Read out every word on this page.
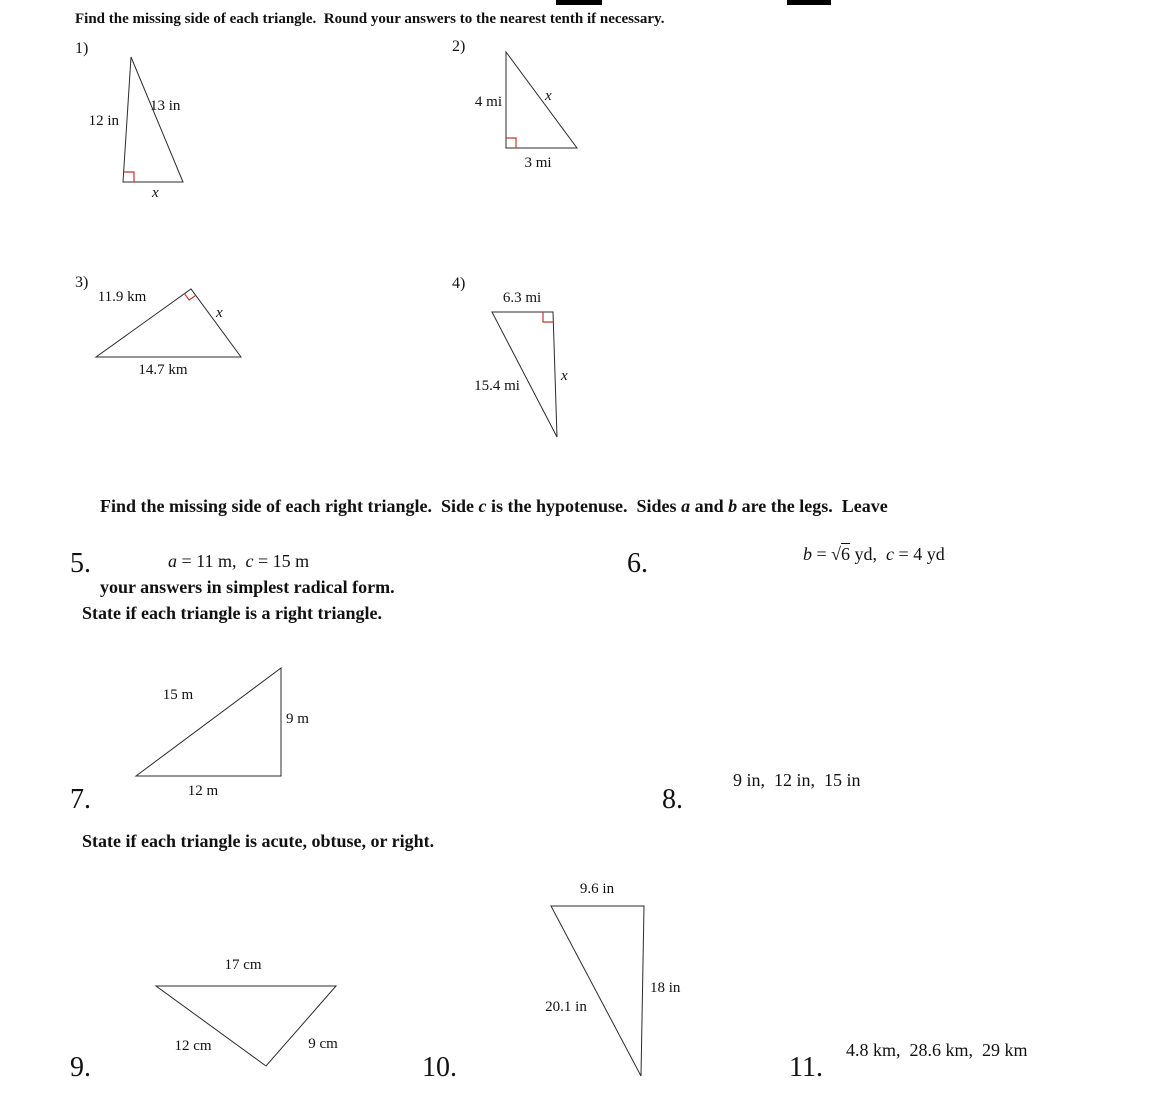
Find the missing side of each triangle.  Round your answers to the nearest tenth if necessary.
1)
12 in
13 in
x
2)
4 mi	x
3 mi
3)
11.9 km
x
14.7 km
4)
6.3 mi
x
15.4 mi

Find the missing side of each right triangle.  Side c is the hypotenuse.  Sides a and b are the legs.  Leave

your answers in simplest radical form.

5.	a = 11 m,  c = 15 m	6.	b = √6 yd,  c = 4 yd
State if each triangle is a right triangle.
15 m
9 m
12 m
7.	8.
9 in,  12 in,  15 in
State if each triangle is acute, obtuse, or right.
17 cm
12 cm	9 cm
9.
9.6 in
18 in
20.1 in
10.	11.
4.8 km,  28.6 km,  29 km
